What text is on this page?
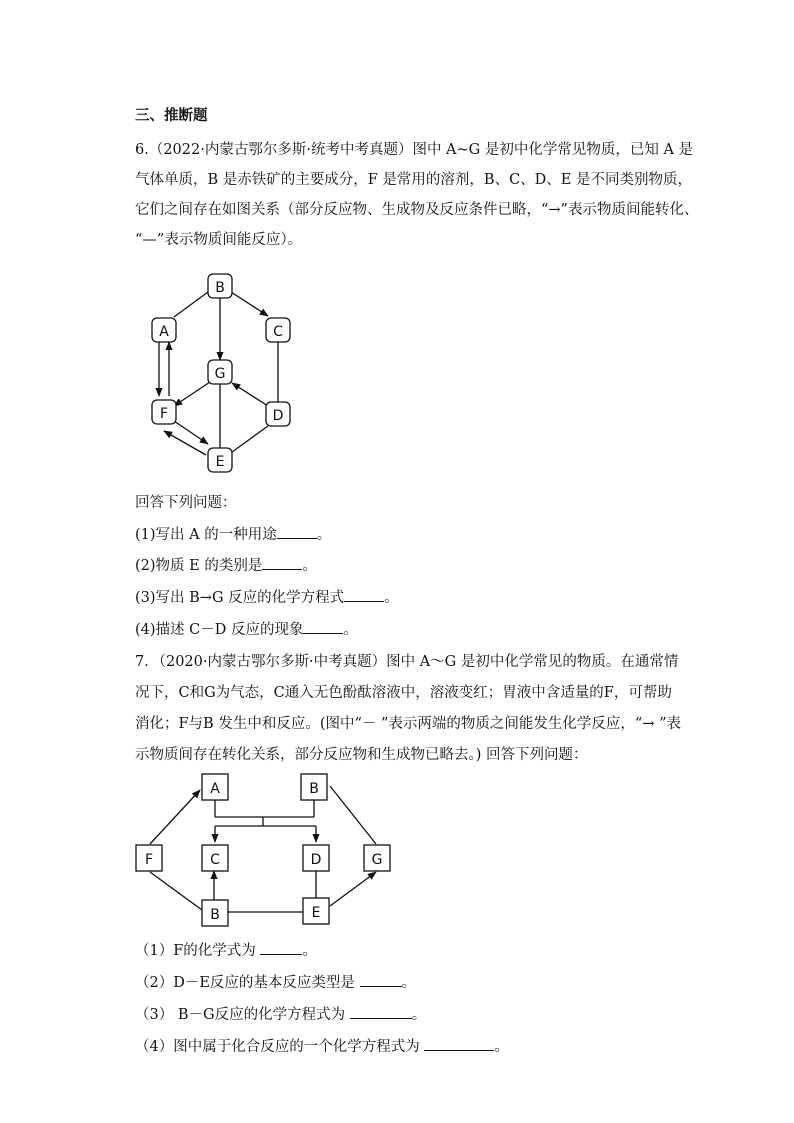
三、推断题
6.（2022·内蒙古鄂尔多斯·统考中考真题）图中 A~G 是初中化学常见物质，已知 A 是
气体单质，B 是赤铁矿的主要成分，F 是常用的溶剂，B、C、D、E 是不同类别物质，
它们之间存在如图关系（部分反应物、生成物及反应条件已略，“→”表示物质间能转化、
“—”表示物质间能反应）。
B
A	C
G
F	D
E
回答下列问题：
(1)写出 A 的一种用途	。
(2)物质 E 的类别是	。
(3)写出 B→G 反应的化学方程式	。
(4)描述 C－D 反应的现象	。
7．（2020·内蒙古鄂尔多斯·中考真题）图中 A～G 是初中化学常见的物质。在通常情
况下，C和G为气态，C通入无色酚酞溶液中，溶液变红；胃液中含适量的F，可帮助
消化；F与B 发生中和反应。(图中“－ ”表示两端的物质之间能发生化学反应，“→ ”表
示物质间存在转化关系，部分反应物和生成物已略去。) 回答下列问题：
A	B
F	C	D	G
B	E
（1）F的化学式为	。
（2）D－E反应的基本反应类型是	。
（3） B－G反应的化学方程式为	。
（4）图中属于化合反应的一个化学方程式为	。
